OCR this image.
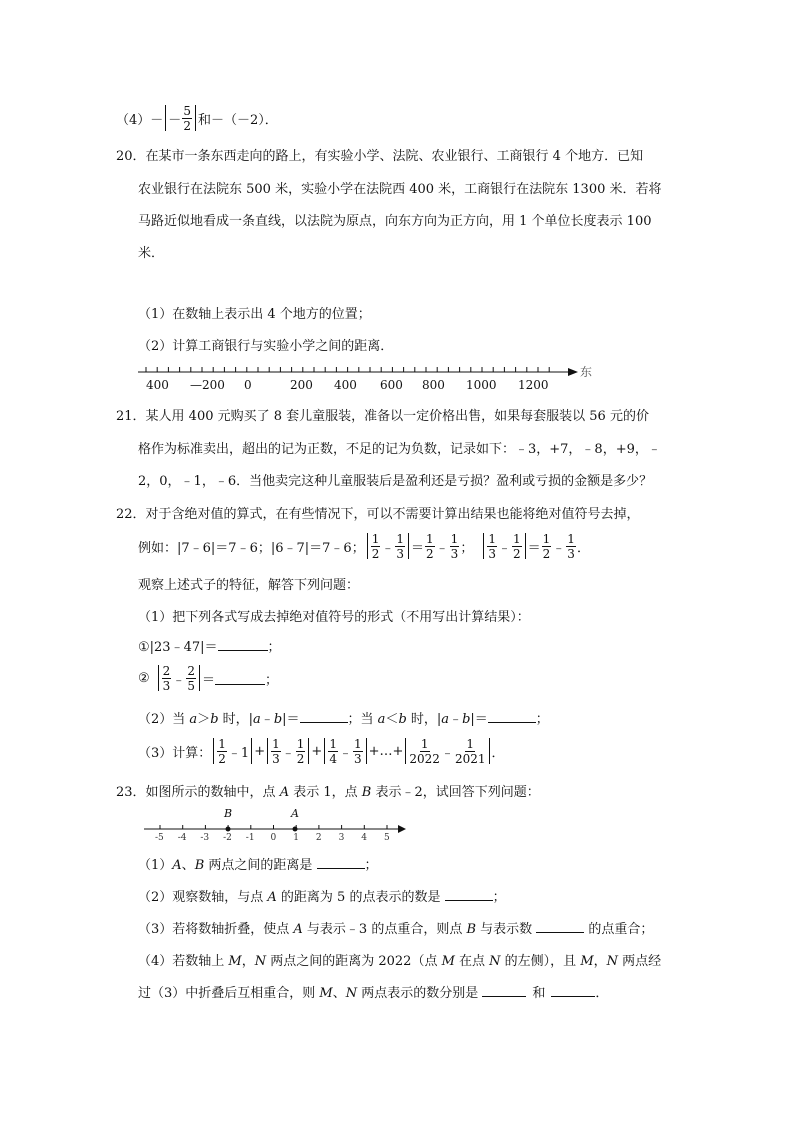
（4） － － $\frac{5}{2}$ 和－（－2）．
20．在某市一条东西走向的路上，有实验小学、法院、农业银行、工商银行 4 个地方．已知
农业银行在法院东 500 米，实验小学在法院西 400 米，工商银行在法院东 1300 米．若将
马路近似地看成一条直线，以法院为原点，向东方向为正方向，用 1 个单位长度表示 100
米．
（1）在数轴上表示出 4 个地方的位置；
（2）计算工商银行与实验小学之间的距离．
400 —200 0	200 400 600 800 1000 1200
东
21．某人用 400 元购买了 8 套儿童服装，准备以一定价格出售，如果每套服装以 56 元的价
格作为标准卖出，超出的记为正数，不足的记为负数，记录如下：﹣3，+7，﹣8，+9，﹣
2，0，﹣1，﹣6．当他卖完这种儿童服装后是盈利还是亏损？盈利或亏损的金额是多少？
22．对于含绝对值的算式，在有些情况下，可以不需要计算出结果也能将绝对值符号去掉，
例如：|7﹣6|＝7﹣6；|6﹣7|＝7﹣6； $\frac{1}{2}$ ﹣ $\frac{1}{3} = \frac{1}{2}$ ﹣ $\frac{1}{3}$ ； $\frac{1}{3}$ ﹣ $\frac{1}{2} = \frac{1}{2}$ ﹣ $\frac{1}{3}$ ．
观察上述式子的特征，解答下列问题：
（1）把下列各式写成去掉绝对值符号的形式（不用写出计算结果）：
①|23﹣47|＝	；
② $\frac{2}{3}$ ﹣ $\frac{2}{5}$ ＝	；
（2）当 a＞b 时，|a﹣b|＝	；当 a＜b 时，|a﹣b|＝	；
（3）计算： $\frac{1}{2}$ ﹣1 + $\frac{1}{3}$ ﹣ $\frac{1}{2} + \frac{1}{4}$ ﹣ $\frac{1}{3}$ +…+ $\frac{1}{2022}$ ﹣ $\frac{1}{2021}$ ．
23．如图所示的数轴中，点 A 表示 1，点 B 表示﹣2，试回答下列问题：
-5 -4 -3 -2 -1 0 1 2 3 4 5
B	A
（1）A、B 两点之间的距离是	；
（2）观察数轴，与点 A 的距离为 5 的点表示的数是	；
（3）若将数轴折叠，使点 A 与表示﹣3 的点重合，则点 B 与表示数	的点重合；
（4）若数轴上 M，N 两点之间的距离为 2022（点 M 在点 N 的左侧），且 M，N 两点经
过（3）中折叠后互相重合，则 M、N 两点表示的数分别是	和	．
